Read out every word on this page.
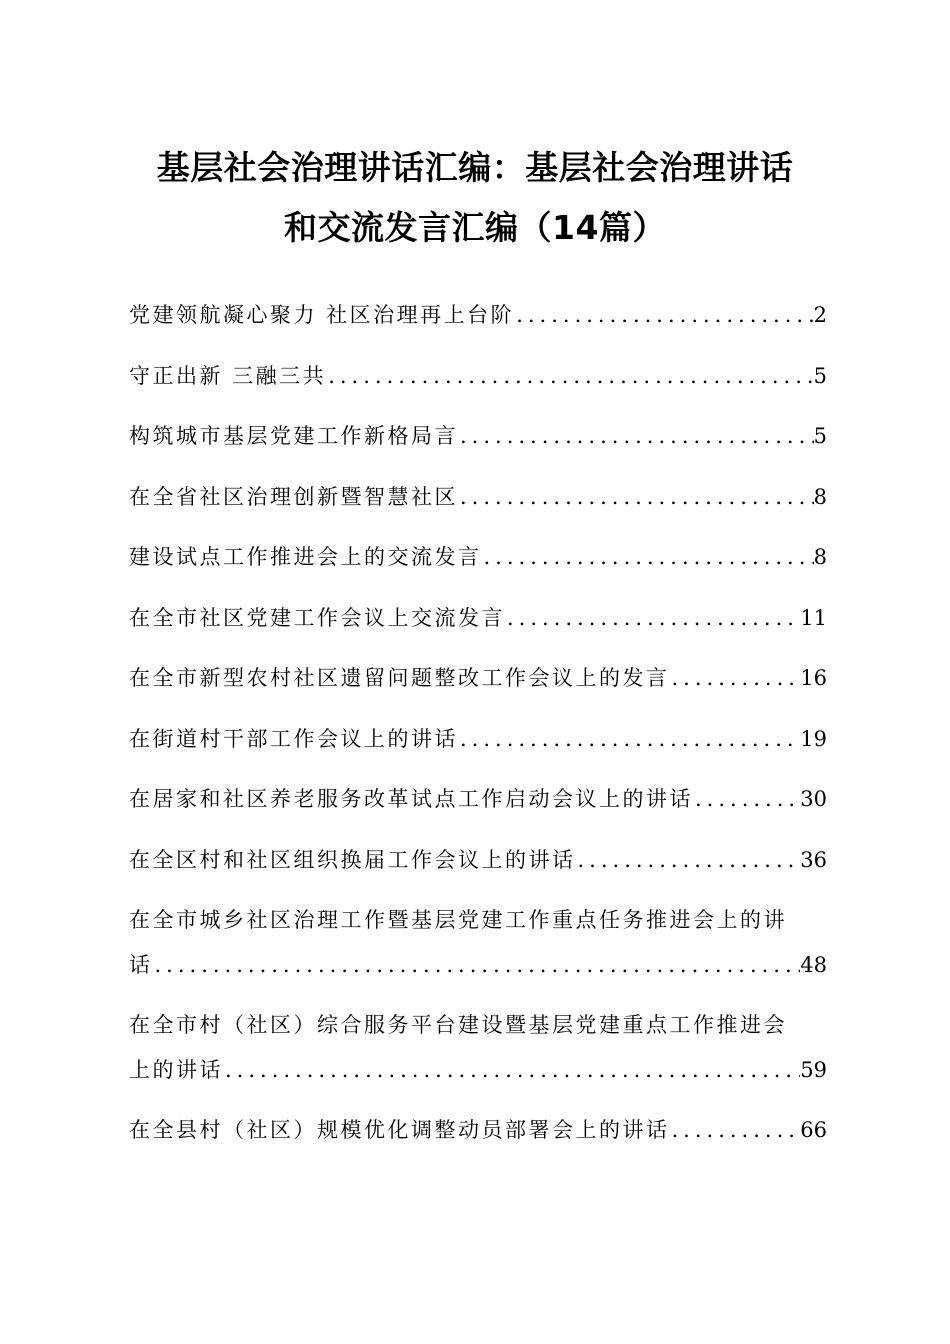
基层社会治理讲话汇编：基层社会治理讲话
和交流发言汇编（14篇）
党建领航凝心聚力 社区治理再上台阶 .....	2
守正出新 三融三共 .....	5
构筑城市基层党建工作新格局言 .....	5
在全省社区治理创新暨智慧社区 .....	8
建设试点工作推进会上的交流发言 .....	8
在全市社区党建工作会议上交流发言 .....	11
在全市新型农村社区遗留问题整改工作会议上的发言 .....	16
在街道村干部工作会议上的讲话 .....	19
在居家和社区养老服务改革试点工作启动会议上的讲话 .....	30
在全区村和社区组织换届工作会议上的讲话 .....	36
在全市城乡社区治理工作暨基层党建工作重点任务推进会上的讲
话 .....	48
在全市村（社区）综合服务平台建设暨基层党建重点工作推进会
上的讲话 .....	59
在全县村（社区）规模优化调整动员部署会上的讲话 .....	66
